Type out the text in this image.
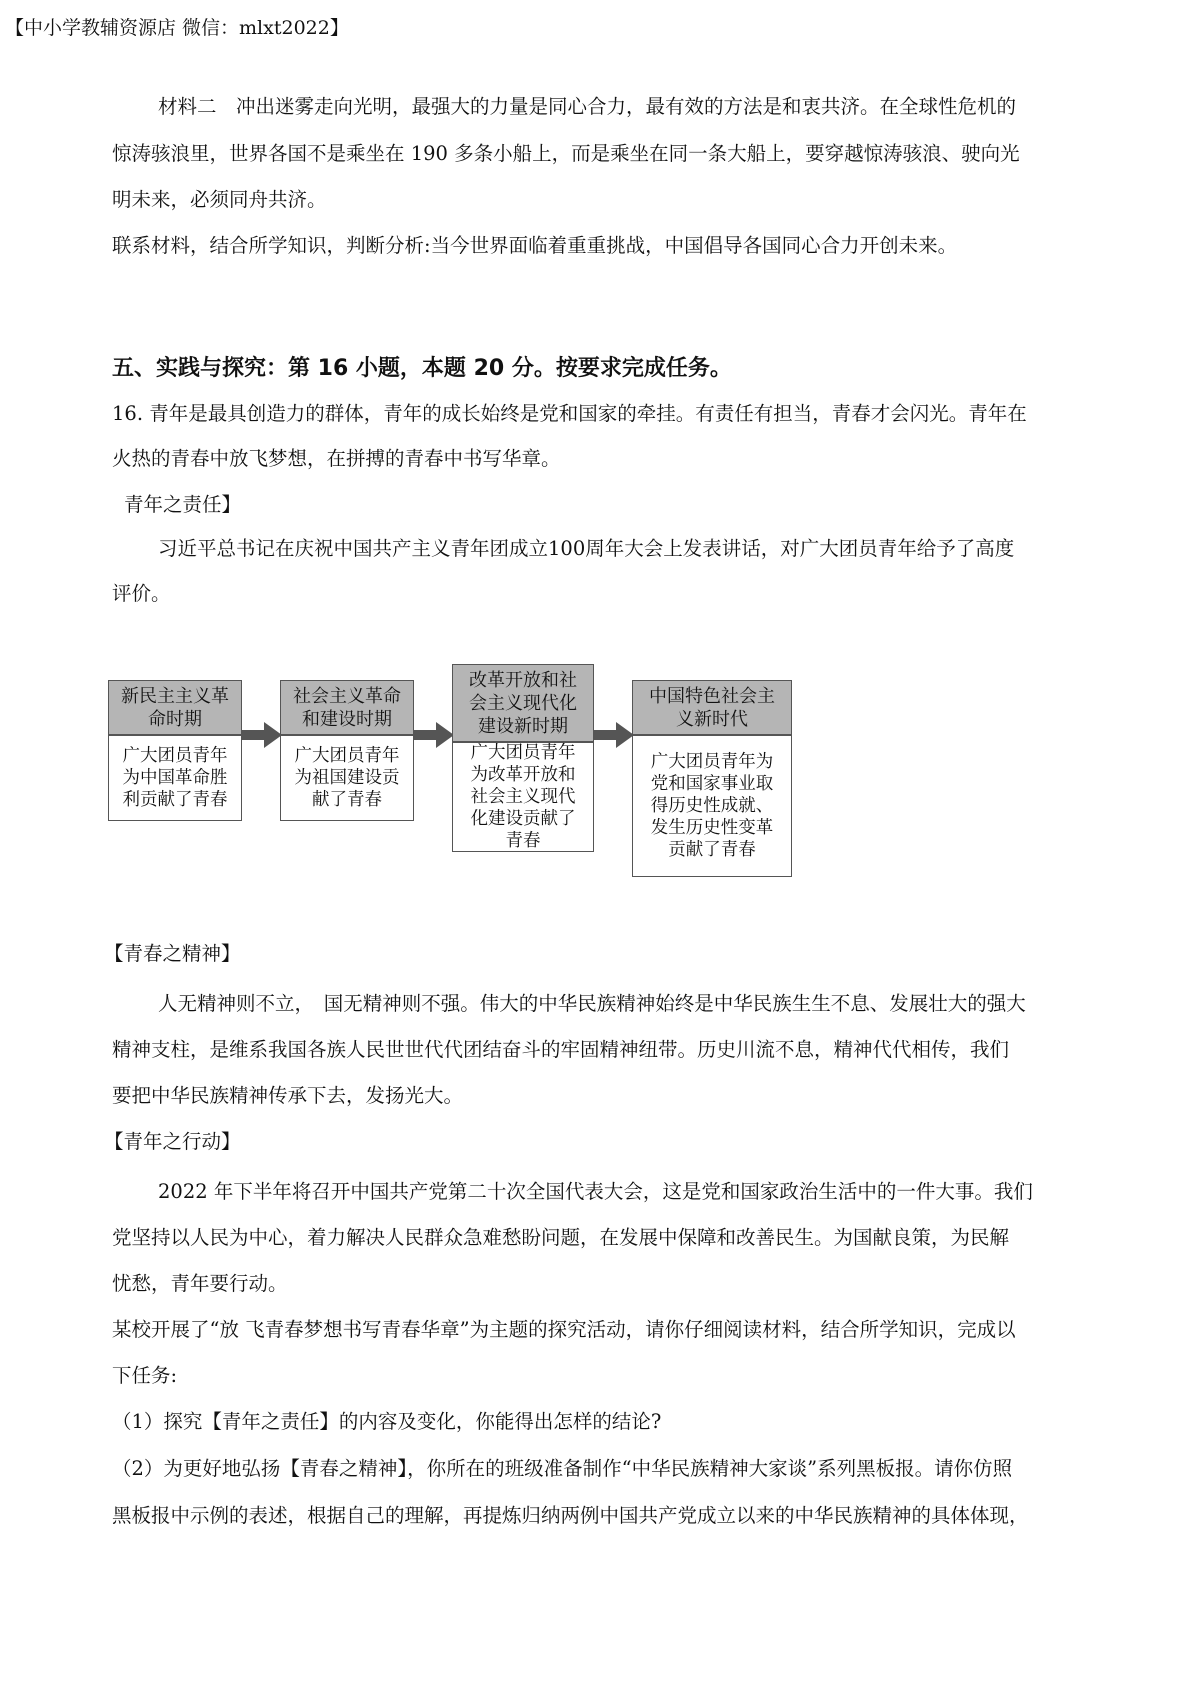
【中小学教辅资源店 微信：mlxt2022】
材料二　冲出迷雾走向光明，最强大的力量是同心合力，最有效的方法是和衷共济。在全球性危机的
惊涛骇浪里，世界各国不是乘坐在 190 多条小船上，而是乘坐在同一条大船上，要穿越惊涛骇浪、驶向光
明未来，必须同舟共济。
联系材料，结合所学知识，判断分析:当今世界面临着重重挑战，中国倡导各国同心合力开创未来。
五、实践与探究：第 16 小题，本题 20 分。按要求完成任务。
16. 青年是最具创造力的群体，青年的成长始终是党和国家的牵挂。有责任有担当，青春才会闪光。青年在
火热的青春中放飞梦想，在拼搏的青春中书写华章。
青年之责任】
习近平总书记在庆祝中国共产主义青年团成立100周年大会上发表讲话，对广大团员青年给予了高度
评价。
新民主主义革
命时期
广大团员青年
为中国革命胜
利贡献了青春
社会主义革命
和建设时期
广大团员青年
为祖国建设贡
献了青春
改革开放和社
会主义现代化
建设新时期
广大团员青年
为改革开放和
社会主义现代
化建设贡献了
青春
中国特色社会主
义新时代
广大团员青年为
党和国家事业取
得历史性成就、
发生历史性变革
贡献了青春
【青春之精神】
人无精神则不立，　国无精神则不强。伟大的中华民族精神始终是中华民族生生不息、发展壮大的强大
精神支柱，是维系我国各族人民世世代代团结奋斗的牢固精神纽带。历史川流不息，精神代代相传，我们
要把中华民族精神传承下去，发扬光大。
【青年之行动】
2022 年下半年将召开中国共产党第二十次全国代表大会，这是党和国家政治生活中的一件大事。我们
党坚持以人民为中心，着力解决人民群众急难愁盼问题，在发展中保障和改善民生。为国献良策，为民解
忧愁，青年要行动。
某校开展了“放 飞青春梦想书写青春华章”为主题的探究活动，请你仔细阅读材料，结合所学知识，完成以
下任务:
（1）探究【青年之责任】的内容及变化，你能得出怎样的结论?
（2）为更好地弘扬【青春之精神】，你所在的班级准备制作“中华民族精神大家谈”系列黑板报。请你仿照
黑板报中示例的表述，根据自己的理解，再提炼归纳两例中国共产党成立以来的中华民族精神的具体体现，
